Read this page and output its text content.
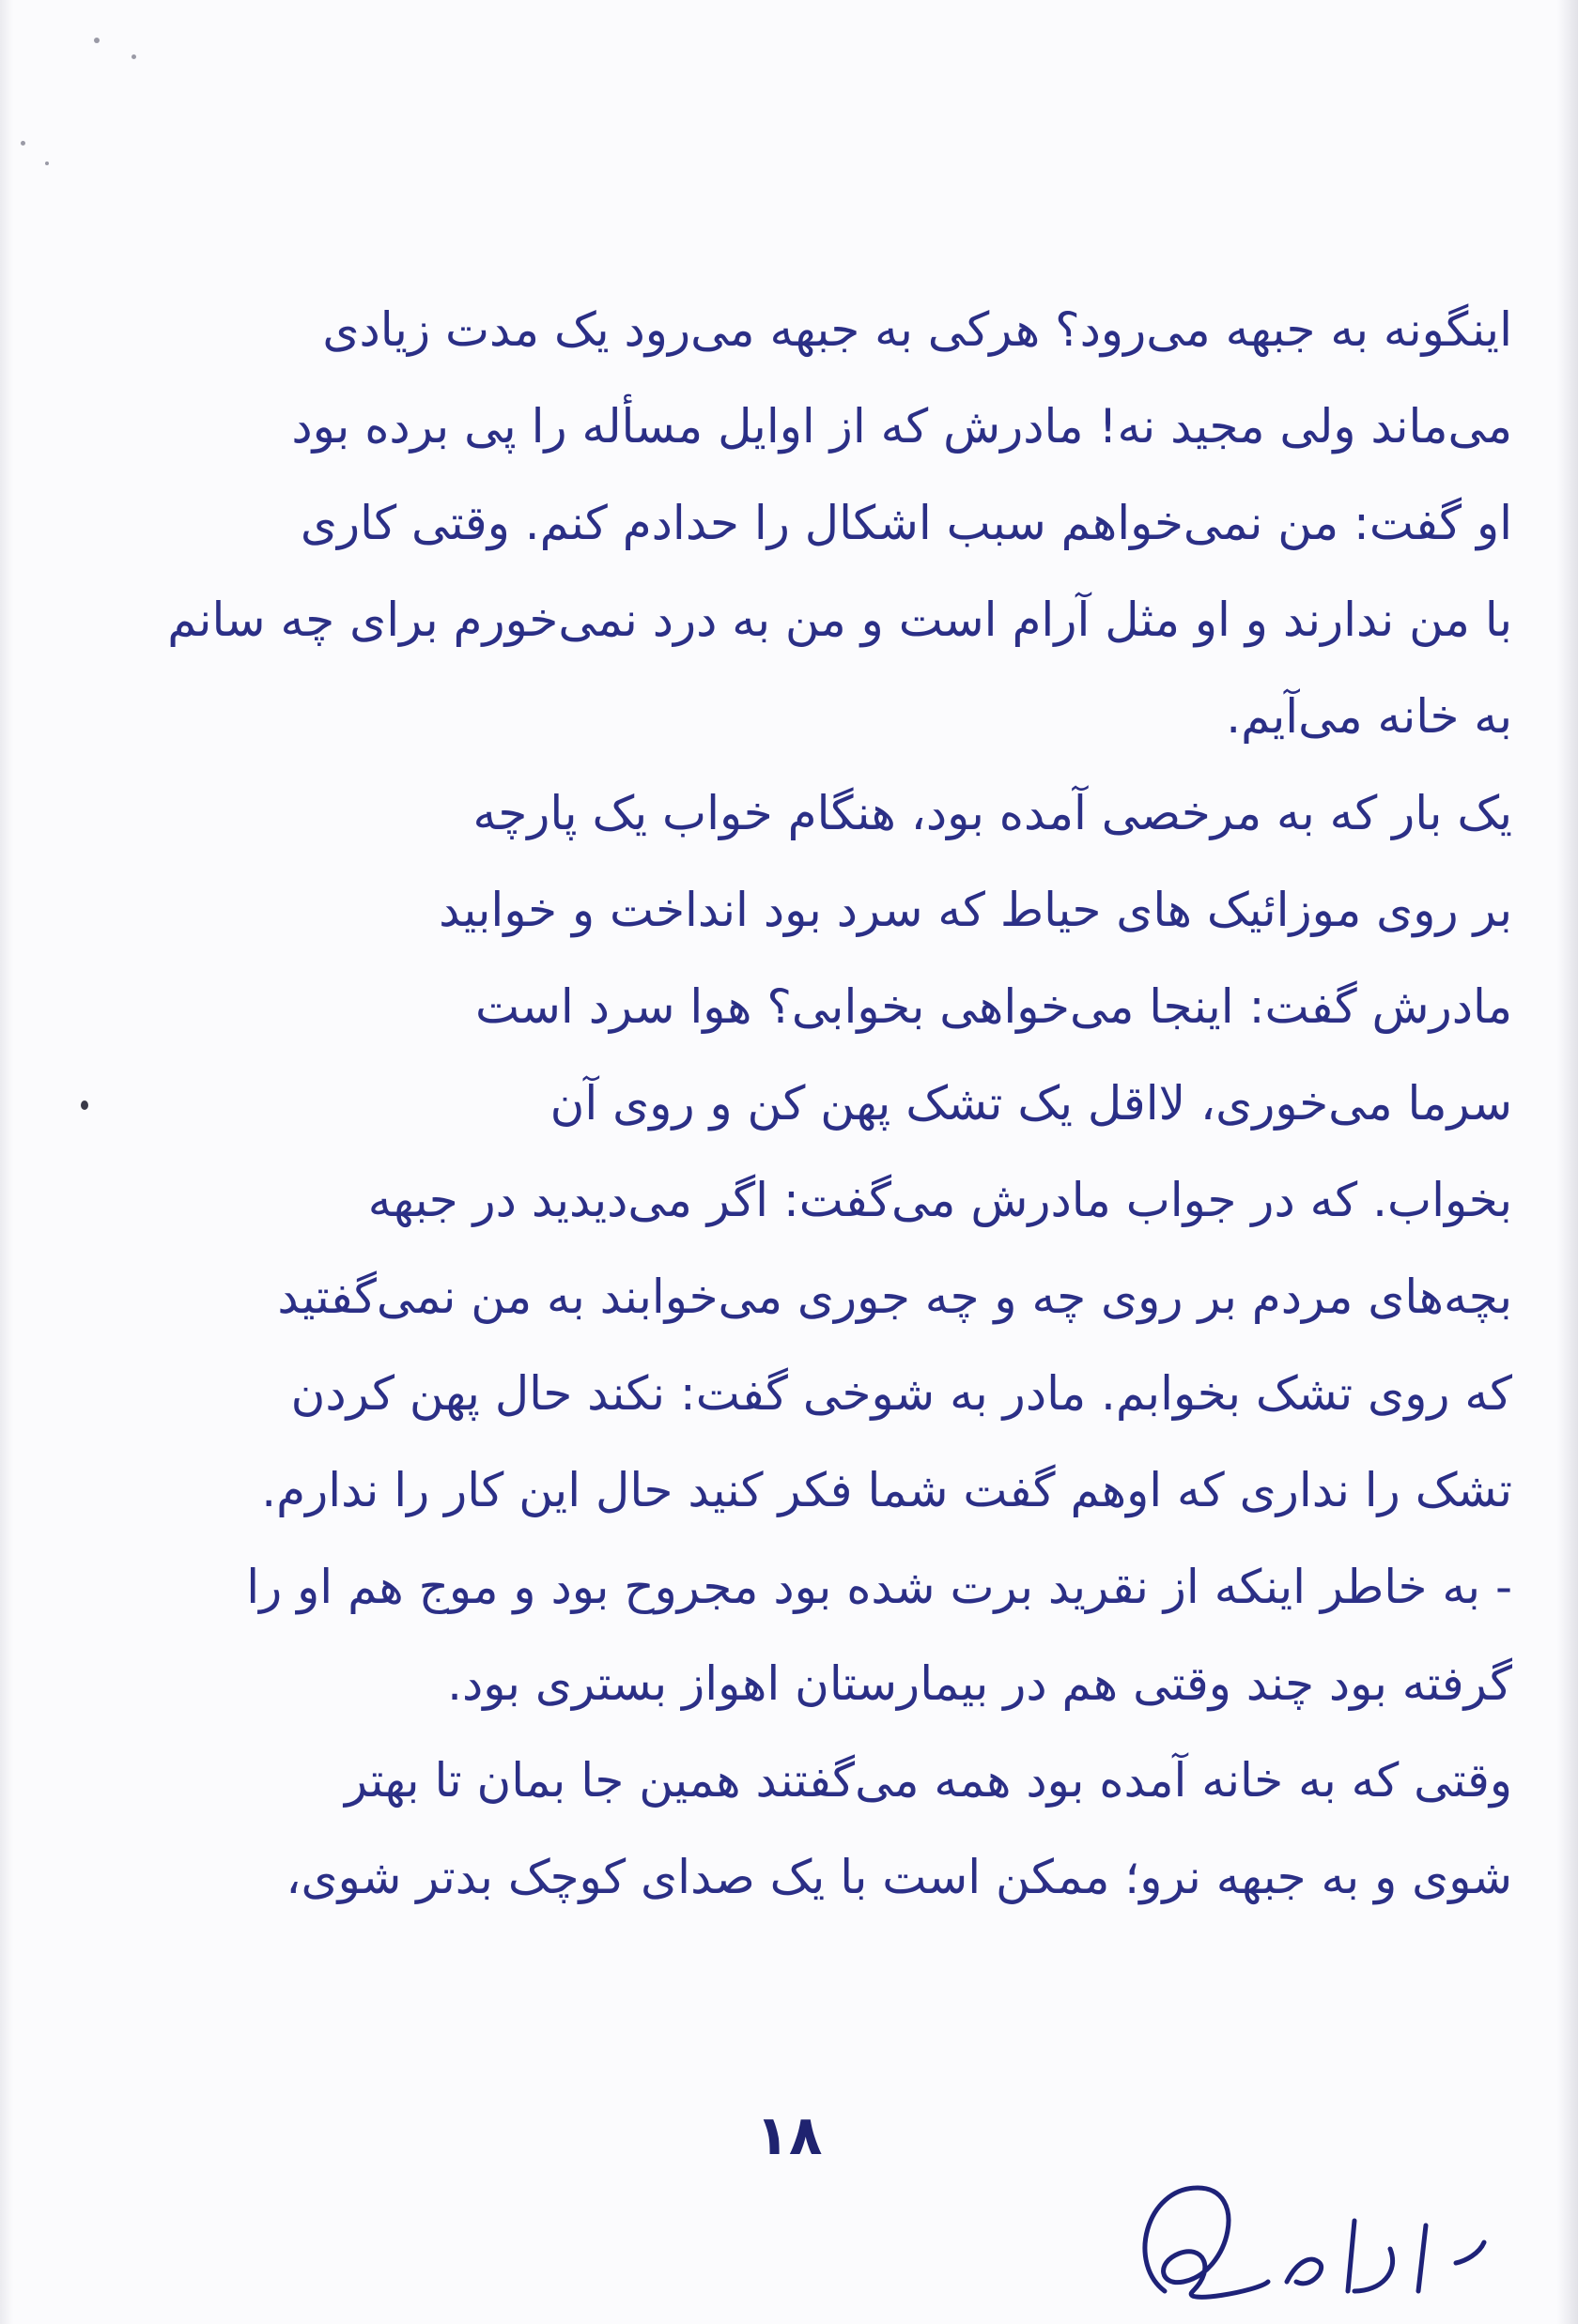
اینگونه به جبهه می‌رود؟ هرکی به جبهه می‌رود یک مدت زیادی
می‌ماند ولی مجید نه! مادرش که از اوایل مسأله را پی برده بود
او گفت: من نمی‌خواهم سبب اشکال را حدادم کنم. وقتی کاری
با من ندارند و او مثل آرام است و من به درد نمی‌خورم برای چه سانم
به خانه می‌آیم.
یک بار که به مرخصی آمده بود، هنگام خواب یک پارچه
بر روی موزائیک های حیاط که سرد بود انداخت و خوابید
مادرش گفت: اینجا می‌خواهی بخوابی؟ هوا سرد است
سرما می‌خوری، لااقل یک تشک پهن کن و روی آن
بخواب. که در جواب مادرش می‌گفت: اگر می‌دیدید در جبهه
بچه‌های مردم بر روی چه و چه جوری می‌خوابند به من نمی‌گفتید
که روی تشک بخوابم. مادر به شوخی گفت: نکند حال پهن کردن
تشک را نداری که اوهم گفت شما فکر کنید حال این کار را ندارم.
- به خاطر اینکه از نقرید برت شده بود مجروح بود و موج هم او را
گرفته بود چند وقتی هم در بیمارستان اهواز بستری بود.
وقتی که به خانه آمده بود همه می‌گفتند همین جا بمان تا بهتر
شوی و به جبهه نرو؛ ممکن است با یک صدای کوچک بدتر شوی،
۱۸
